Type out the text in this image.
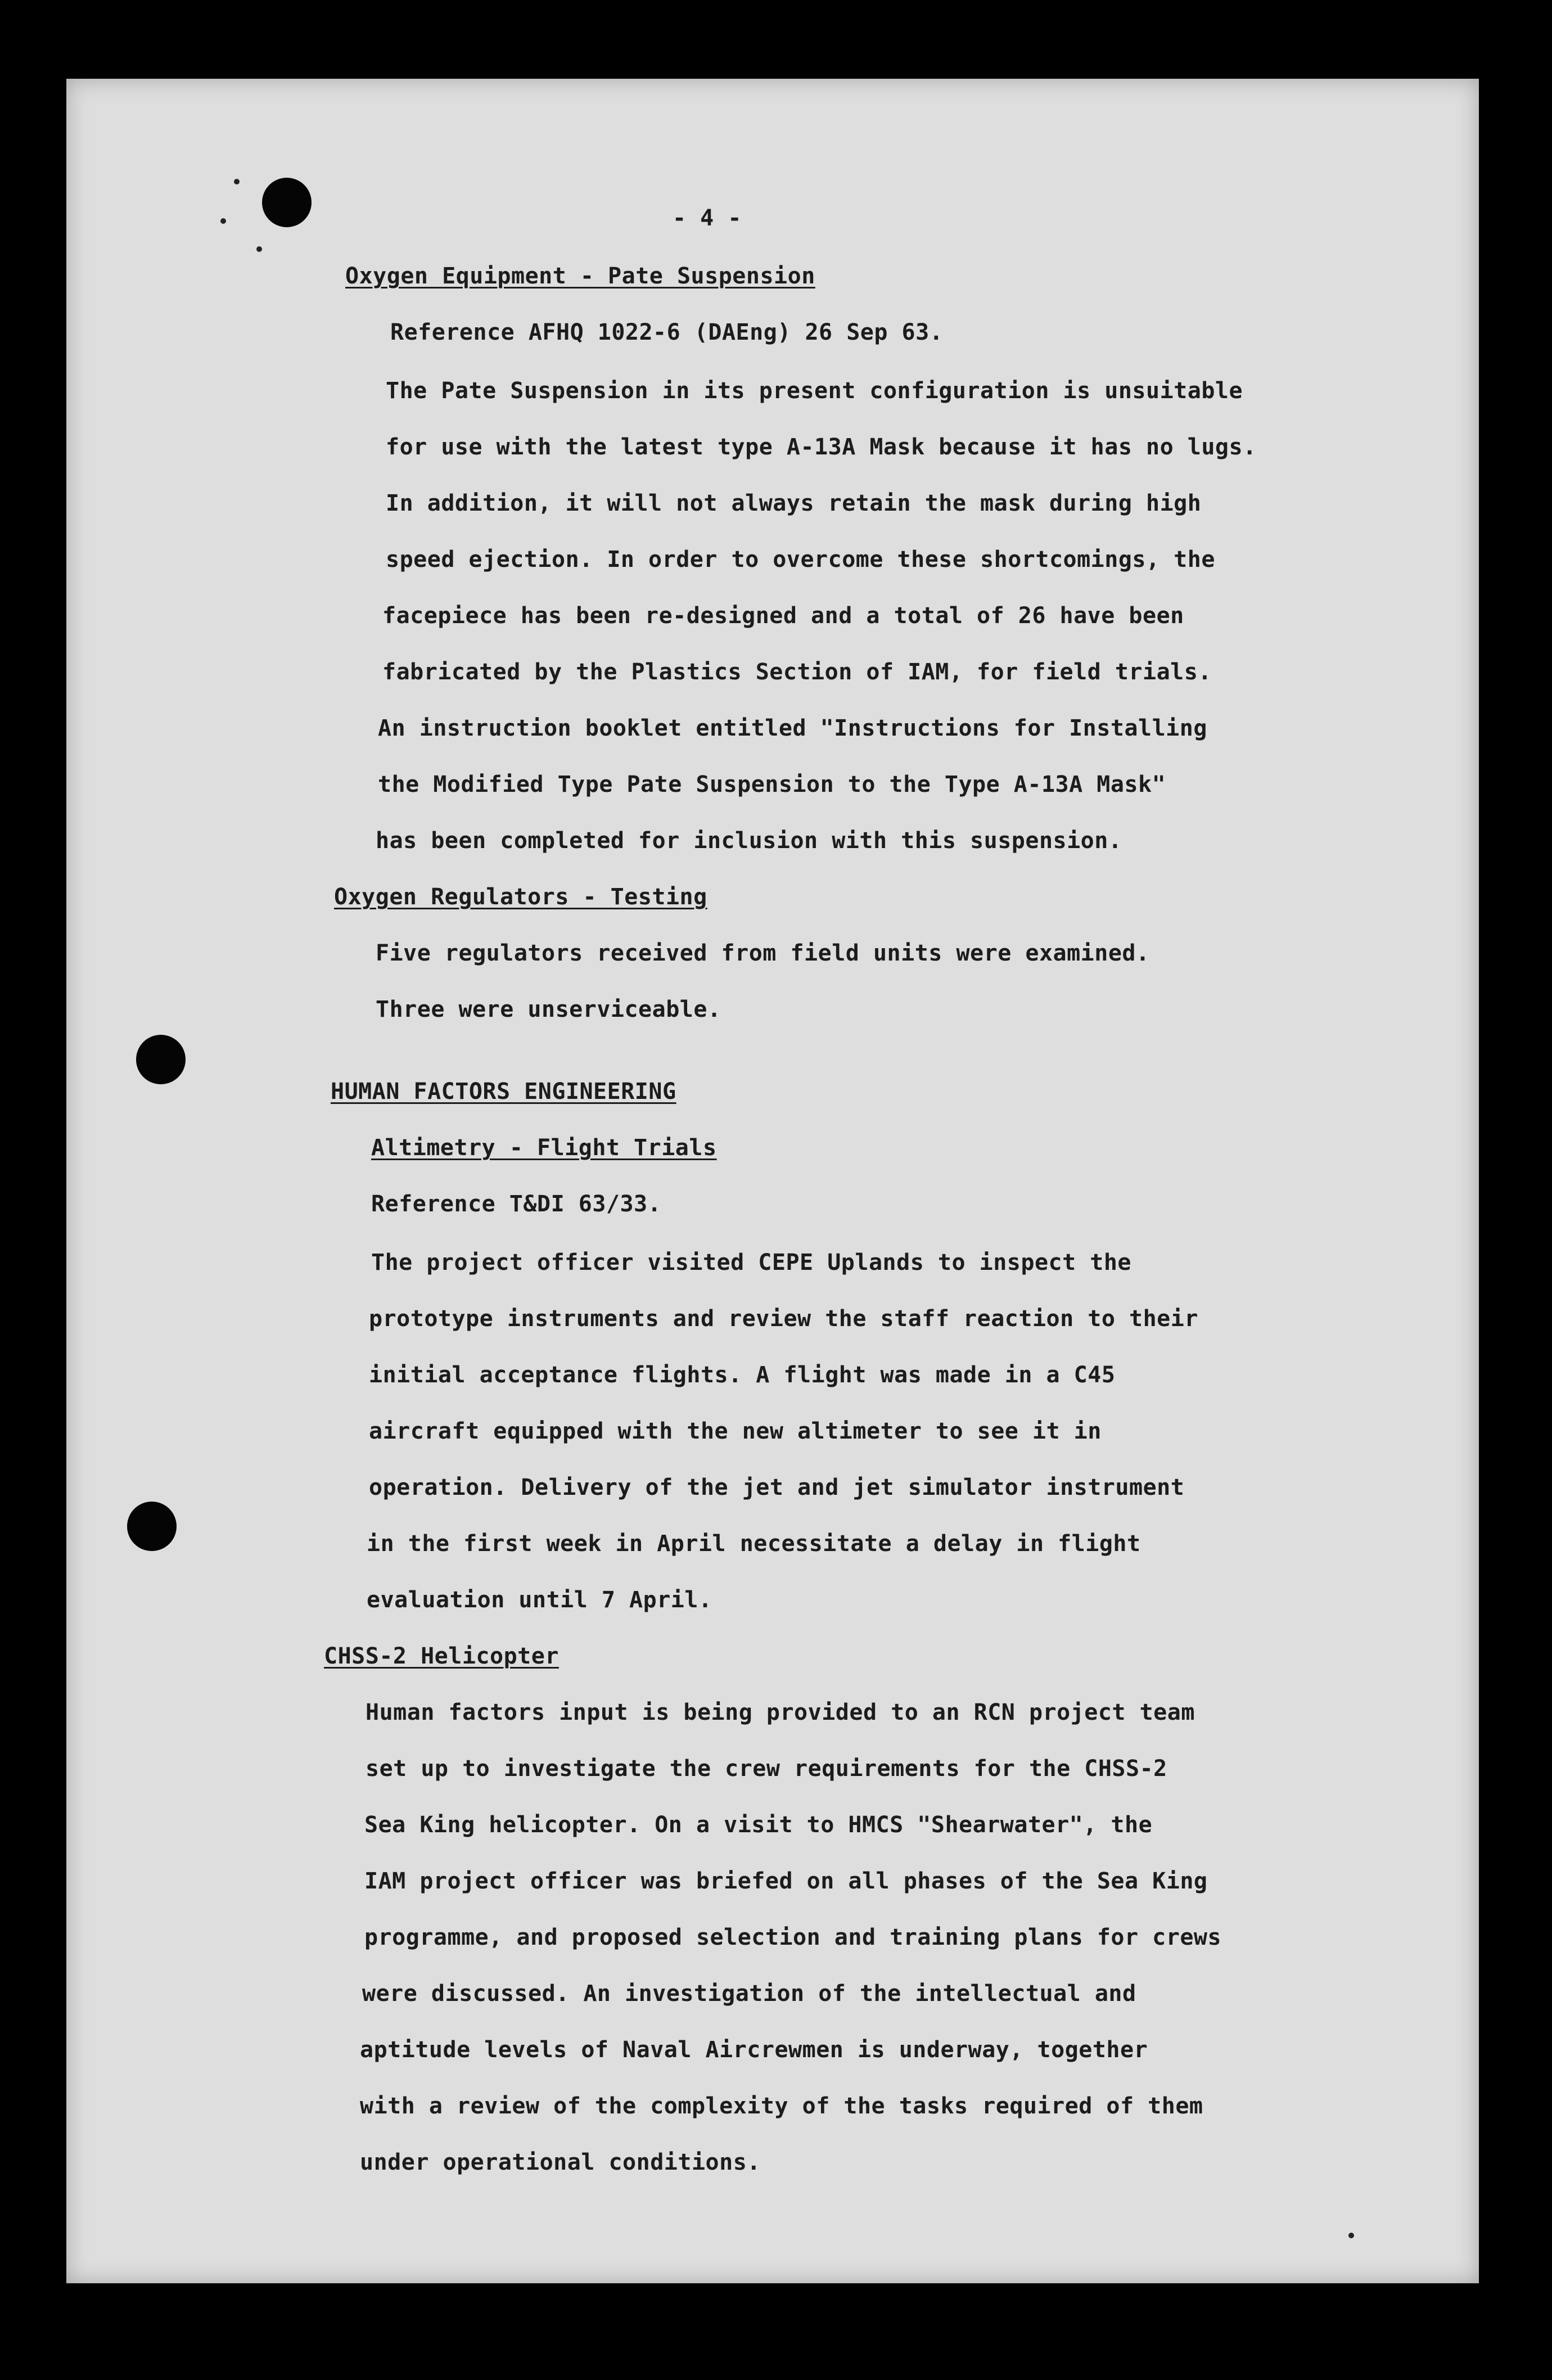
- 4 -
Oxygen Equipment - Pate Suspension
Reference AFHQ 1022-6 (DAEng) 26 Sep 63.
The Pate Suspension in its present configuration is unsuitable
for use with the latest type A-13A Mask because it has no lugs.
In addition, it will not always retain the mask during high
speed ejection. In order to overcome these shortcomings, the
facepiece has been re-designed and a total of 26 have been
fabricated by the Plastics Section of IAM, for field trials.
An instruction booklet entitled "Instructions for Installing
the Modified Type Pate Suspension to the Type A-13A Mask"
has been completed for inclusion with this suspension.
Oxygen Regulators - Testing
Five regulators received from field units were examined.
Three were unserviceable.
HUMAN FACTORS ENGINEERING
Altimetry - Flight Trials
Reference T&DI 63/33.
The project officer visited CEPE Uplands to inspect the
prototype instruments and review the staff reaction to their
initial acceptance flights. A flight was made in a C45
aircraft equipped with the new altimeter to see it in
operation. Delivery of the jet and jet simulator instrument
in the first week in April necessitate a delay in flight
evaluation until 7 April.
CHSS-2 Helicopter
Human factors input is being provided to an RCN project team
set up to investigate the crew requirements for the CHSS-2
Sea King helicopter. On a visit to HMCS "Shearwater", the
IAM project officer was briefed on all phases of the Sea King
programme, and proposed selection and training plans for crews
were discussed. An investigation of the intellectual and
aptitude levels of Naval Aircrewmen is underway, together
with a review of the complexity of the tasks required of them
under operational conditions.
